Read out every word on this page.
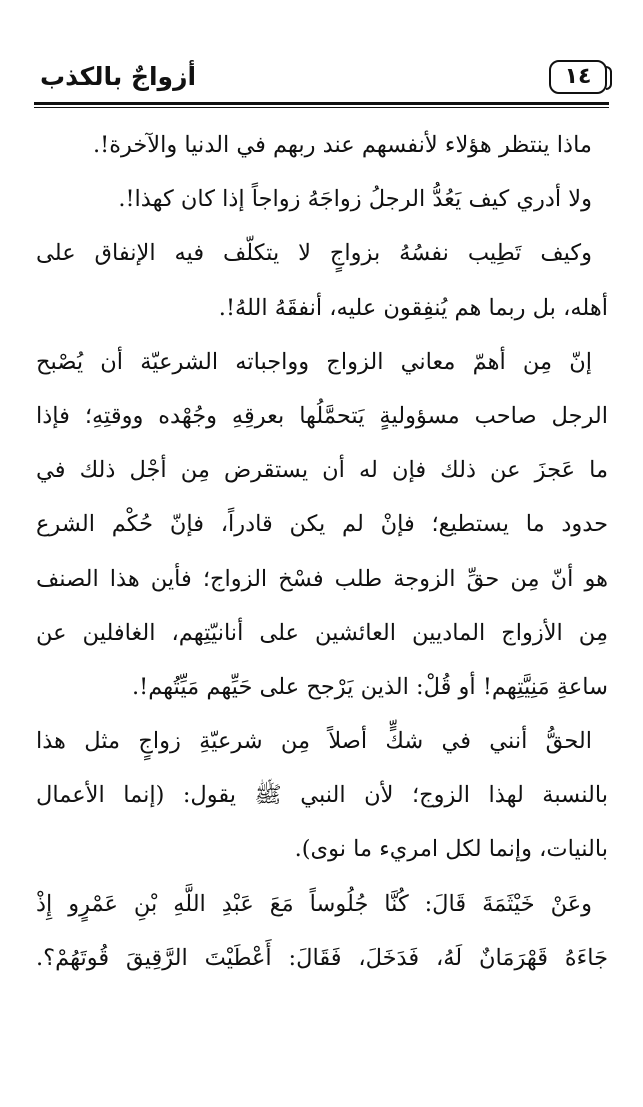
١٤
أزواجٌ بالكذب
ماذا ينتظر هؤلاء لأنفسهم عند ربهم في الدنيا والآخرة!.
ولا أدري كيف يَعُدُّ الرجلُ زواجَهُ زواجاً إذا كان كهذا!.
وكيف تَطِيب نفسُهُ بزواجٍ لا يتكلّف فيه الإنفاق على
أهله، بل ربما هم يُنفِقون عليه، أنفقَهُ اللهُ!.
إنّ مِن أهمّ معاني الزواج وواجباته الشرعيّة أن يُصْبح
الرجل صاحب مسؤوليةٍ يَتحمَّلُها بعرقِهِ وجُهْده ووقتِهِ؛ فإذا
ما عَجزَ عن ذلك فإن له أن يستقرض مِن أجْل ذلك في
حدود ما يستطيع؛ فإنْ لم يكن قادراً، فإنّ حُكْم الشرع
هو أنّ مِن حقِّ الزوجة طلب فسْخ الزواج؛ فأين هذا الصنف
مِن الأزواج الماديين العائشين على أنانيّتِهم، الغافلين عن
ساعةِ مَنِيَّتِهم! أو قُلْ: الذين يَرْجح على حَيِّهم مَيِّتُهم!.
الحقُّ أنني في شكٍّ أصلاً مِن شرعيّةِ زواجٍ مثل هذا
بالنسبة لهذا الزوج؛ لأن النبي ﷺ يقول: (إنما الأعمال
بالنيات، وإنما لكل امريء ما نوى).
وعَنْ خَيْثَمَةَ قَالَ: كُنَّا جُلُوساً مَعَ عَبْدِ اللَّهِ بْنِ عَمْرٍو إِذْ
جَاءَهُ قَهْرَمَانٌ لَهُ، فَدَخَلَ، فَقَالَ: أَعْطَيْتَ الرَّقِيقَ قُوتَهُمْ؟.
